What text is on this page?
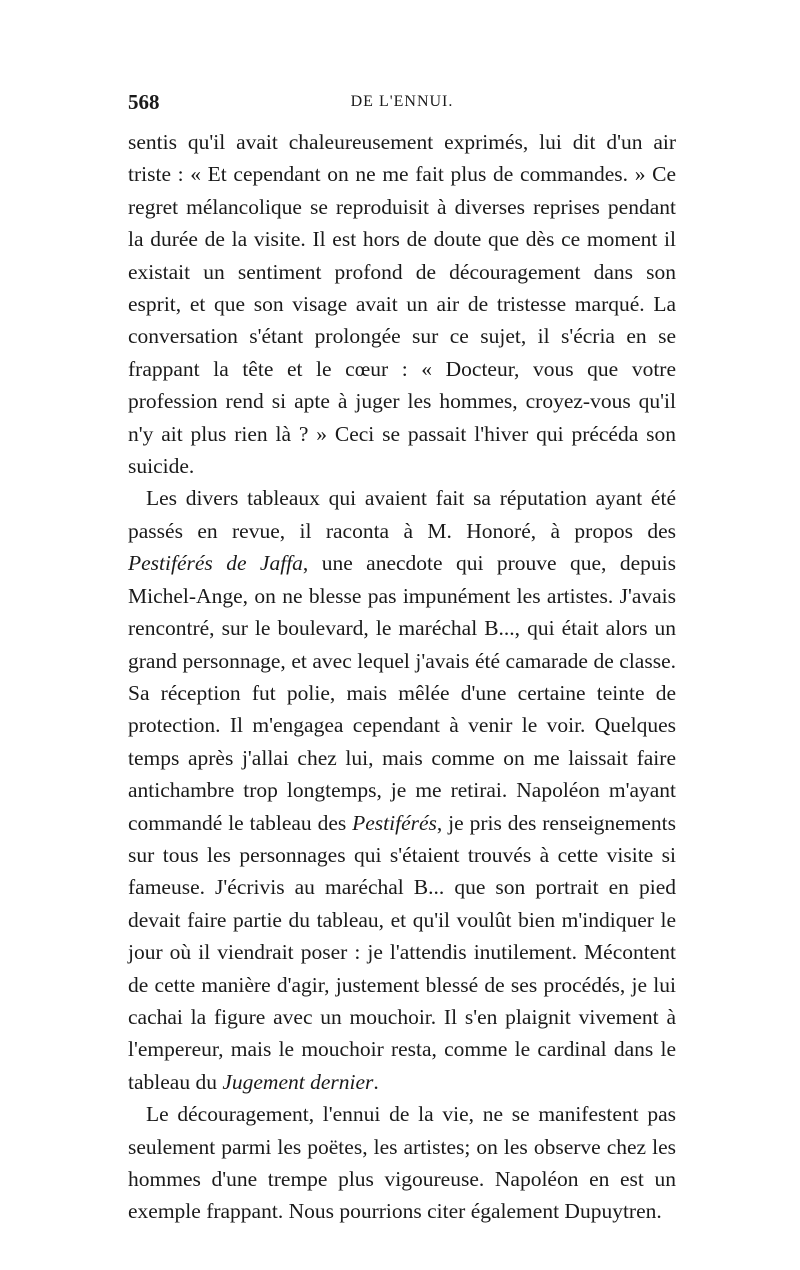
568	DE L'ENNUI.

sentis qu'il avait chaleureusement exprimés, lui dit d'un air triste : « Et cependant on ne me fait plus de commandes. » Ce regret mélancolique se reproduisit à diverses reprises pendant la durée de la visite. Il est hors de doute que dès ce moment il existait un sentiment profond de découragement dans son esprit, et que son visage avait un air de tristesse marqué. La conversation s'étant prolongée sur ce sujet, il s'écria en se frappant la tête et le cœur : « Docteur, vous que votre profession rend si apte à juger les hommes, croyez-vous qu'il n'y ait plus rien là ? » Ceci se passait l'hiver qui précéda son suicide.

Les divers tableaux qui avaient fait sa réputation ayant été passés en revue, il raconta à M. Honoré, à propos des Pestiférés de Jaffa, une anecdote qui prouve que, depuis Michel-Ange, on ne blesse pas impunément les artistes. J'avais rencontré, sur le boulevard, le maréchal B..., qui était alors un grand personnage, et avec lequel j'avais été camarade de classe. Sa réception fut polie, mais mêlée d'une certaine teinte de protection. Il m'engagea cependant à venir le voir. Quelques temps après j'allai chez lui, mais comme on me laissait faire antichambre trop longtemps, je me retirai. Napoléon m'ayant commandé le tableau des Pestiférés, je pris des renseignements sur tous les personnages qui s'étaient trouvés à cette visite si fameuse. J'écrivis au maréchal B... que son portrait en pied devait faire partie du tableau, et qu'il voulût bien m'indiquer le jour où il viendrait poser : je l'attendis inutilement. Mécontent de cette manière d'agir, justement blessé de ses procédés, je lui cachai la figure avec un mouchoir. Il s'en plaignit vivement à l'empereur, mais le mouchoir resta, comme le cardinal dans le tableau du Jugement dernier.

Le découragement, l'ennui de la vie, ne se manifestent pas seulement parmi les poëtes, les artistes; on les observe chez les hommes d'une trempe plus vigoureuse. Napoléon en est un exemple frappant. Nous pourrions citer également Dupuytren.
